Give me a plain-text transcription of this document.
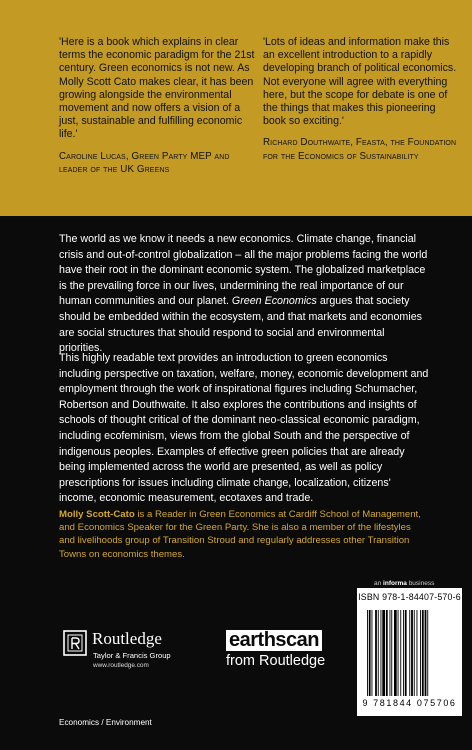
'Here is a book which explains in clear terms the economic paradigm for the 21st century. Green economics is not new. As Molly Scott Cato makes clear, it has been growing alongside the environmental movement and now offers a vision of a just, sustainable and fulfilling economic life.'

Caroline Lucas, Green Party MEP and leader of the UK Greens

'Lots of ideas and information make this an excellent introduction to a rapidly developing branch of political economics. Not everyone will agree with everything here, but the scope for debate is one of the things that makes this pioneering book so exciting.'

Richard Douthwaite, Feasta, the Foundation for the Economics of Sustainability

The world as we know it needs a new economics. Climate change, financial crisis and out-of-control globalization – all the major problems facing the world have their root in the dominant economic system. The globalized marketplace is the prevailing force in our lives, undermining the real importance of our human communities and our planet. Green Economics argues that society should be embedded within the ecosystem, and that markets and economies are social structures that should respond to social and environmental priorities.

This highly readable text provides an introduction to green economics including perspective on taxation, welfare, money, economic development and employment through the work of inspirational figures including Schumacher, Robertson and Douthwaite. It also explores the contributions and insights of schools of thought critical of the dominant neo-classical economic paradigm, including ecofeminism, views from the global South and the perspective of indigenous peoples. Examples of effective green policies that are already being implemented across the world are presented, as well as policy prescriptions for issues including climate change, localization, citizens' income, economic measurement, ecotaxes and trade.

Molly Scott-Cato is a Reader in Green Economics at Cardiff School of Management, and Economics Speaker for the Green Party. She is also a member of the lifestyles and livelihoods group of Transition Stroud and regularly addresses other Transition Towns on economics themes.

an informa business
ISBN 978-1-84407-570-6
9 781844 075706
Routledge
Taylor & Francis Group
www.routledge.com
earthscan
from Routledge
Economics / Environment
